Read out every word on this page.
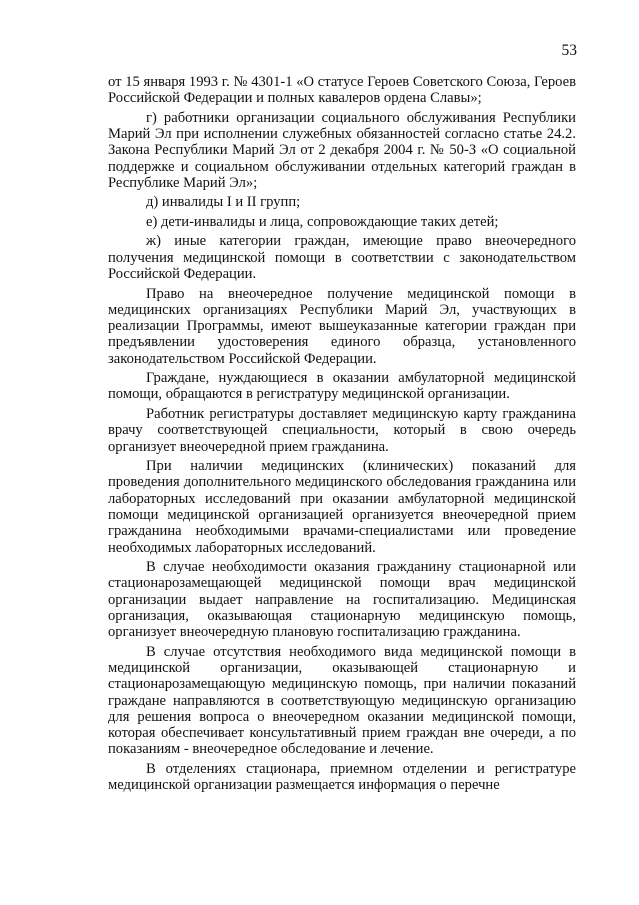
53

от 15 января 1993 г. № 4301-1 «О статусе Героев Советского Союза, Героев Российской Федерации и полных кавалеров ордена Славы»;

г) работники организации социального обслуживания Республики Марий Эл при исполнении служебных обязанностей согласно статье 24.2. Закона Республики Марий Эл от 2 декабря 2004 г. № 50-З «О социальной поддержке и социальном обслуживании отдельных категорий граждан в Республике Марий Эл»;

д) инвалиды I и II групп;

е) дети-инвалиды и лица, сопровождающие таких детей;

ж) иные категории граждан, имеющие право внеочередного получения медицинской помощи в соответствии с законодательством Российской Федерации.

Право на внеочередное получение медицинской помощи в медицинских организациях Республики Марий Эл, участвующих в реализации Программы, имеют вышеуказанные категории граждан при предъявлении удостоверения единого образца, установленного законодательством Российской Федерации.

Граждане, нуждающиеся в оказании амбулаторной медицинской помощи, обращаются в регистратуру медицинской организации.

Работник регистратуры доставляет медицинскую карту гражданина врачу соответствующей специальности, который в свою очередь организует внеочередной прием гражданина.

При наличии медицинских (клинических) показаний для проведения дополнительного медицинского обследования гражданина или лабораторных исследований при оказании амбулаторной медицинской помощи медицинской организацией организуется внеочередной прием гражданина необходимыми врачами-специалистами или проведение необходимых лабораторных исследований.

В случае необходимости оказания гражданину стационарной или стационарозамещающей медицинской помощи врач медицинской организации выдает направление на госпитализацию. Медицинская организация, оказывающая стационарную медицинскую помощь, организует внеочередную плановую госпитализацию гражданина.

В случае отсутствия необходимого вида медицинской помощи в медицинской организации, оказывающей стационарную и стационарозамещающую медицинскую помощь, при наличии показаний граждане направляются в соответствующую медицинскую организацию для решения вопроса о внеочередном оказании медицинской помощи, которая обеспечивает консультативный прием граждан вне очереди, а по показаниям - внеочередное обследование и лечение.

В отделениях стационара, приемном отделении и регистратуре медицинской организации размещается информация о перечне
